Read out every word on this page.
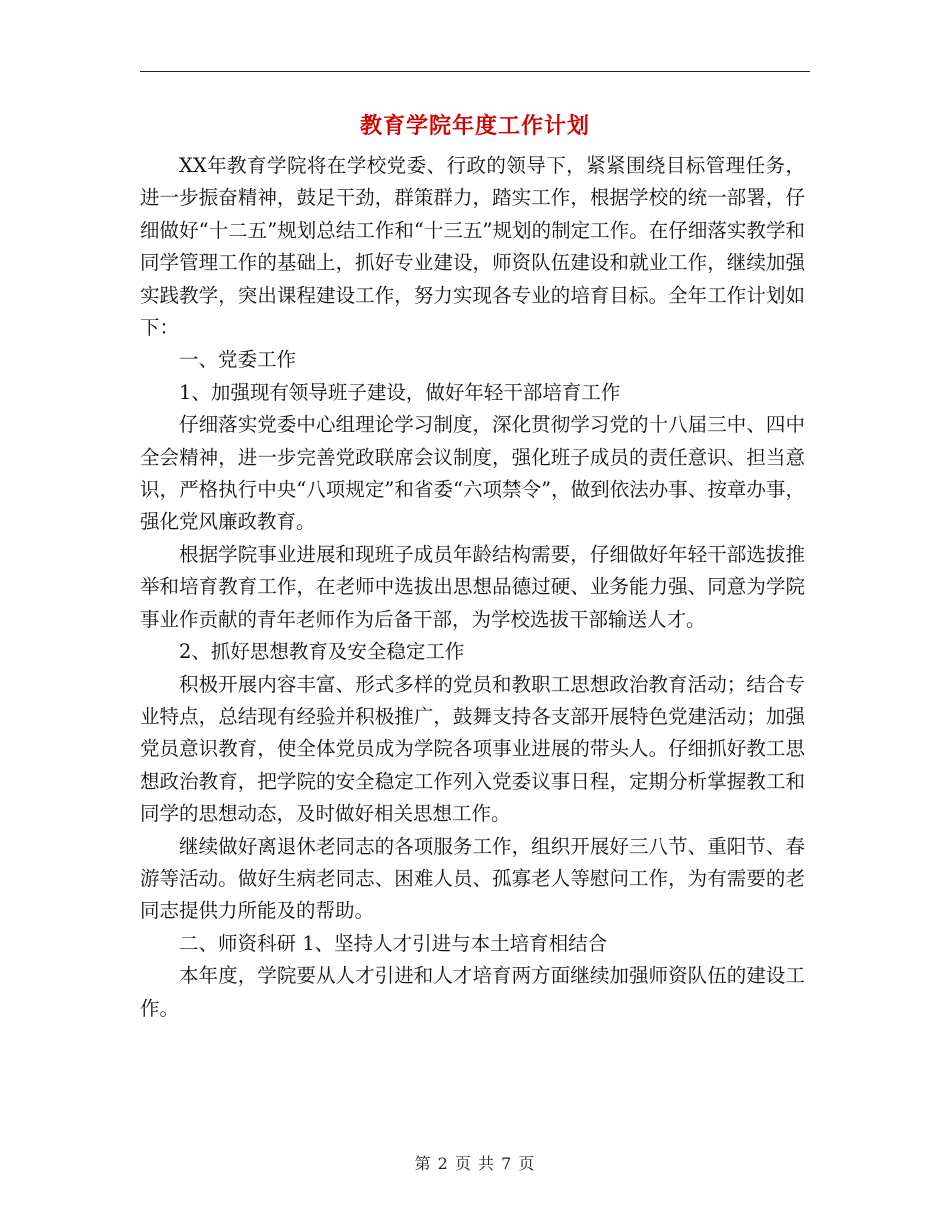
教育学院年度工作计划

XX年教育学院将在学校党委、行政的领导下，紧紧围绕目标管理任务，进一步振奋精神，鼓足干劲，群策群力，踏实工作，根据学校的统一部署，仔细做好“十二五”规划总结工作和“十三五”规划的制定工作。在仔细落实教学和同学管理工作的基础上，抓好专业建设，师资队伍建设和就业工作，继续加强实践教学，突出课程建设工作，努力实现各专业的培育目标。全年工作计划如下：

一、党委工作

1、加强现有领导班子建设，做好年轻干部培育工作

仔细落实党委中心组理论学习制度，深化贯彻学习党的十八届三中、四中全会精神，进一步完善党政联席会议制度，强化班子成员的责任意识、担当意识，严格执行中央“八项规定”和省委“六项禁令”，做到依法办事、按章办事，强化党风廉政教育。

根据学院事业进展和现班子成员年龄结构需要，仔细做好年轻干部选拔推举和培育教育工作，在老师中选拔出思想品德过硬、业务能力强、同意为学院事业作贡献的青年老师作为后备干部，为学校选拔干部输送人才。

2、抓好思想教育及安全稳定工作

积极开展内容丰富、形式多样的党员和教职工思想政治教育活动；结合专业特点，总结现有经验并积极推广，鼓舞支持各支部开展特色党建活动；加强党员意识教育，使全体党员成为学院各项事业进展的带头人。仔细抓好教工思想政治教育，把学院的安全稳定工作列入党委议事日程，定期分析掌握教工和同学的思想动态，及时做好相关思想工作。

继续做好离退休老同志的各项服务工作，组织开展好三八节、重阳节、春游等活动。做好生病老同志、困难人员、孤寡老人等慰问工作，为有需要的老同志提供力所能及的帮助。

二、师资科研 1、坚持人才引进与本土培育相结合

本年度，学院要从人才引进和人才培育两方面继续加强师资队伍的建设工作。

第 2 页 共 7 页
